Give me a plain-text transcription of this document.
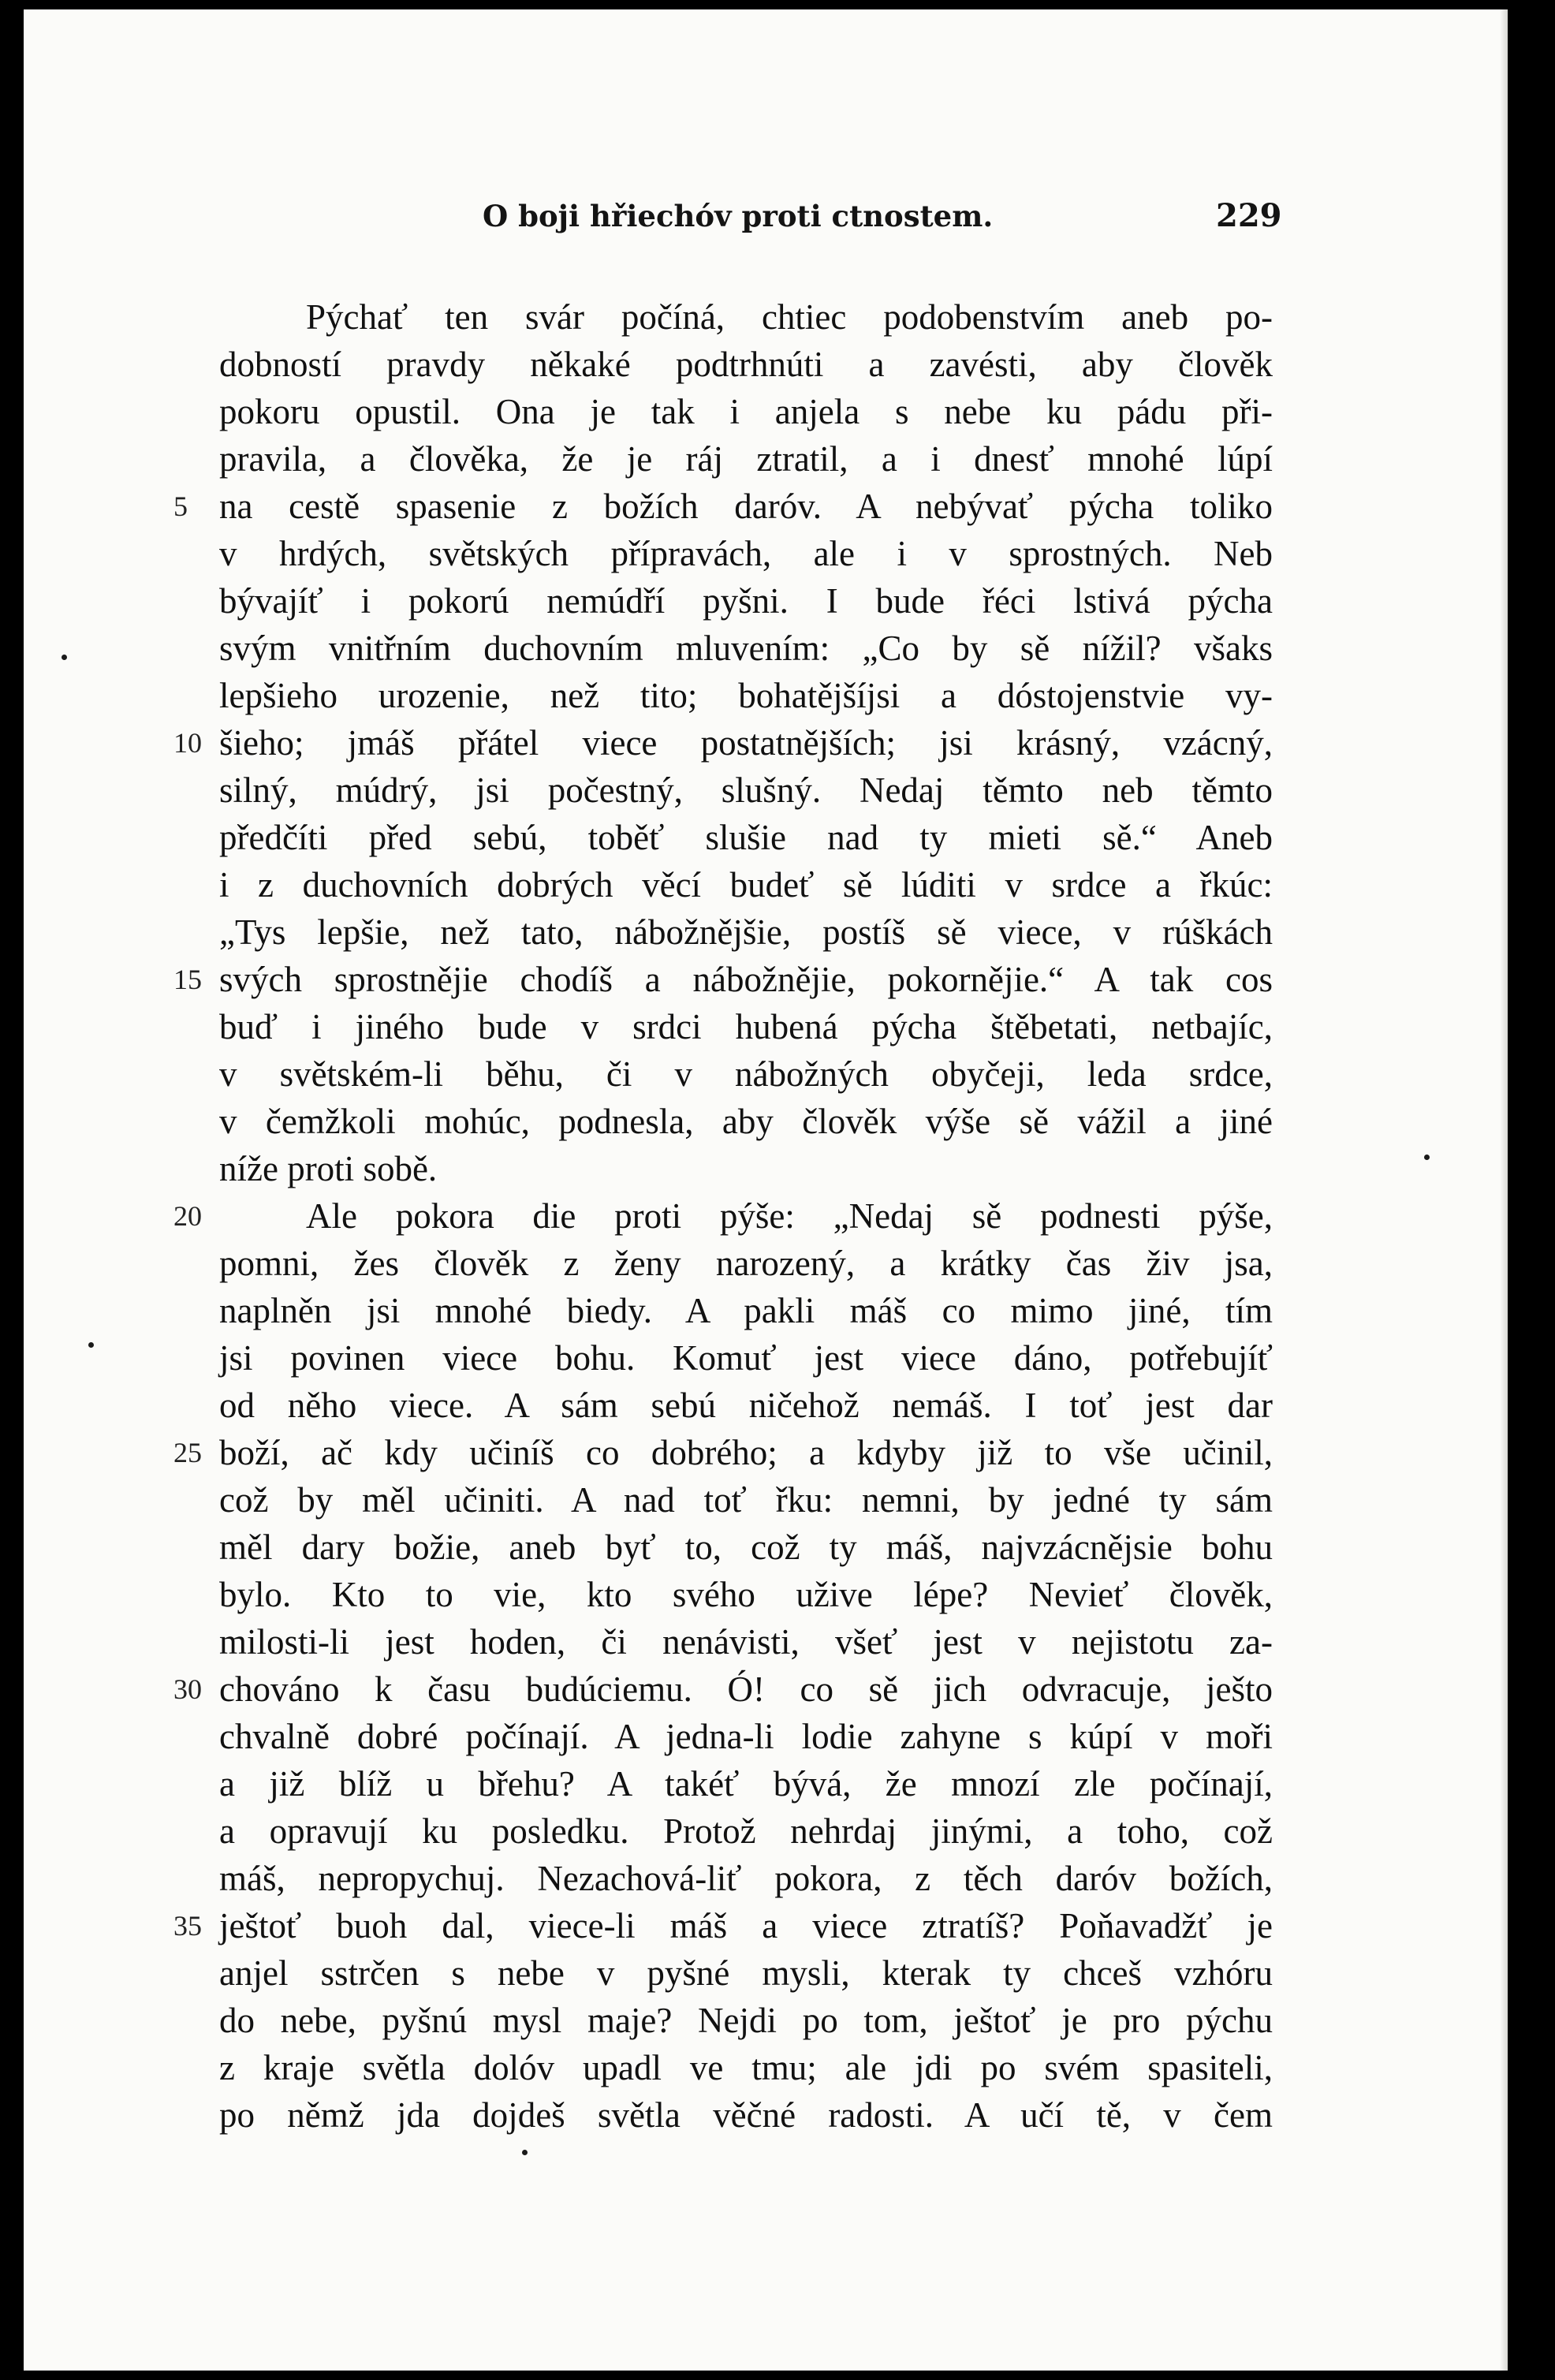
O boji hřiechóv proti ctnostem.	229
Pýchať ten svár počíná, chtiec podobenstvím aneb po-
dobností pravdy někaké podtrhnúti a zavésti, aby člověk
pokoru opustil. Ona je tak i anjela s nebe ku pádu při-
pravila, a člověka, že je ráj ztratil, a i dnesť mnohé lúpí
na cestě spasenie z božích daróv. A nebývať pýcha toliko
v hrdých, světských přípravách, ale i v sprostných. Neb
bývajíť i pokorú nemúdří pyšni. I bude řéci lstivá pýcha
svým vnitřním duchovním mluvením: „Co by sě nížil? všaks
lepšieho urozenie, než tito; bohatějšíjsi a dóstojenstvie vy-
šieho; jmáš přátel viece postatnějších; jsi krásný, vzácný,
silný, múdrý, jsi počestný, slušný. Nedaj těmto neb těmto
předčíti před sebú, toběť slušie nad ty mieti sě.“ Aneb
i z duchovních dobrých věcí budeť sě lúditi v srdce a řkúc:
„Tys lepšie, než tato, nábožnějšie, postíš sě viece, v rúškách
svých sprostnějie chodíš a nábožnějie, pokornějie.“ A tak cos
buď i jiného bude v srdci hubená pýcha štěbetati, netbajíc,
v světském-li běhu, či v nábožných obyčeji, leda srdce,
v čemžkoli mohúc, podnesla, aby člověk výše sě vážil a jiné
níže proti sobě.
Ale pokora die proti pýše: „Nedaj sě podnesti pýše,
pomni, žes člověk z ženy narozený, a krátky čas živ jsa,
naplněn jsi mnohé biedy. A pakli máš co mimo jiné, tím
jsi povinen viece bohu. Komuť jest viece dáno, potřebujíť
od něho viece. A sám sebú ničehož nemáš. I toť jest dar
boží, ač kdy učiníš co dobrého; a kdyby již to vše učinil,
což by měl učiniti. A nad toť řku: nemni, by jedné ty sám
měl dary božie, aneb byť to, což ty máš, najvzácnějsie bohu
bylo. Kto to vie, kto svého užive lépe? Nevieť člověk,
milosti-li jest hoden, či nenávisti, všeť jest v nejistotu za-
chováno k času budúciemu. Ó! co sě jich odvracuje, ješto
chvalně dobré počínají. A jedna-li lodie zahyne s kúpí v moři
a již blíž u břehu? A takéť bývá, že mnozí zle počínají,
a opravují ku posledku. Protož nehrdaj jinými, a toho, což
máš, nepropychuj. Nezachová-liť pokora, z těch daróv božích,
ještoť buoh dal, viece-li máš a viece ztratíš? Poňavadžť je
anjel sstrčen s nebe v pyšné mysli, kterak ty chceš vzhóru
do nebe, pyšnú mysl maje? Nejdi po tom, ještoť je pro pýchu
z kraje světla dolóv upadl ve tmu; ale jdi po svém spasiteli,
po němž jda dojdeš světla věčné radosti. A učí tě, v čem
5
10
15
20
25
30
35
